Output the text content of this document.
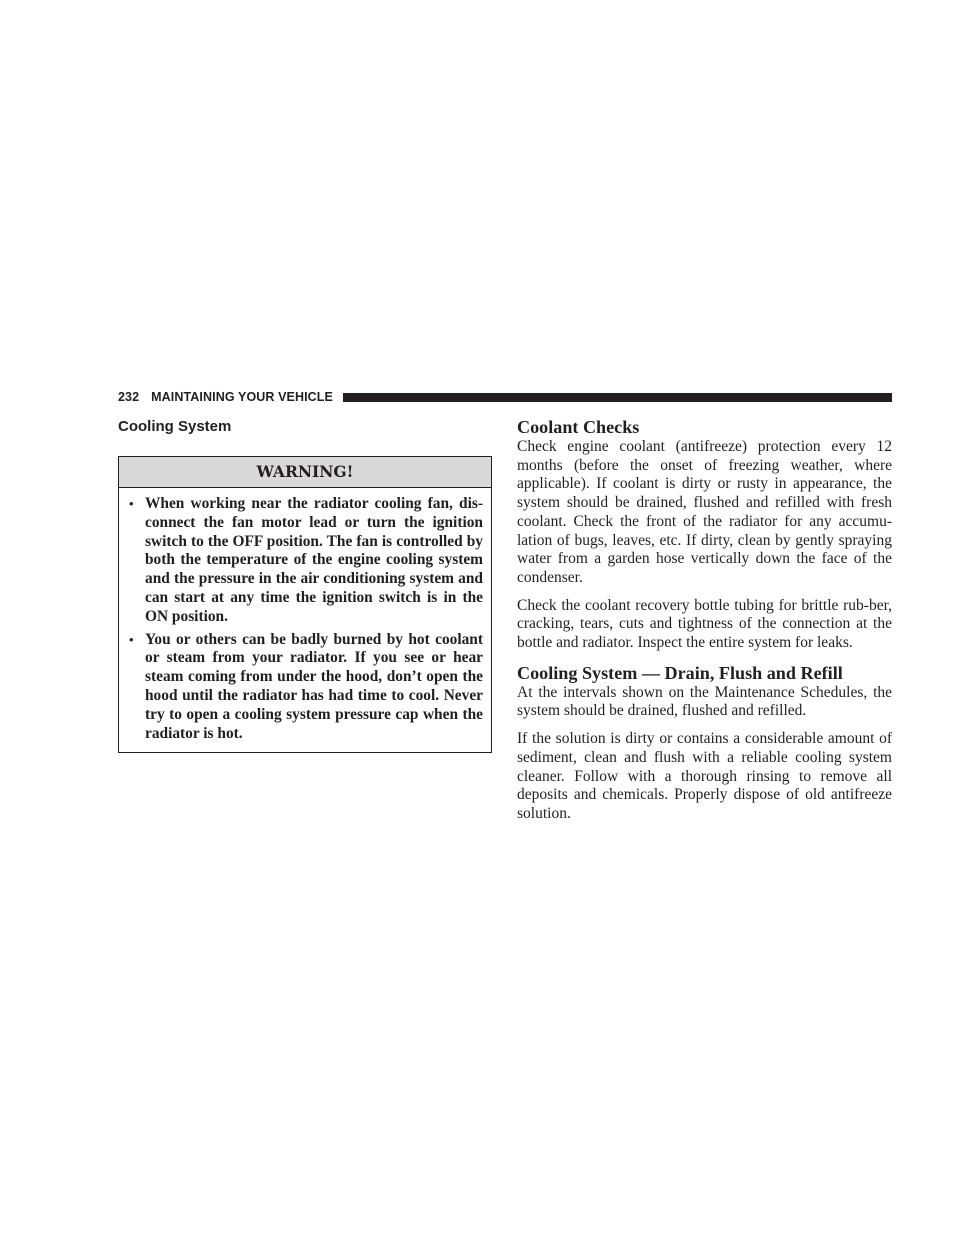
232 MAINTAINING YOUR VEHICLE
Cooling System
WARNING!
• When working near the radiator cooling fan, dis-connect the fan motor lead or turn the ignition switch to the OFF position. The fan is controlled by both the temperature of the engine cooling system and the pressure in the air conditioning system and can start at any time the ignition switch is in the ON position.
• You or others can be badly burned by hot coolant or steam from your radiator. If you see or hear steam coming from under the hood, don’t open the hood until the radiator has had time to cool. Never try to open a cooling system pressure cap when the radiator is hot.
Coolant Checks

Check engine coolant (antifreeze) protection every 12 months (before the onset of freezing weather, where applicable). If coolant is dirty or rusty in appearance, the system should be drained, flushed and refilled with fresh coolant. Check the front of the radiator for any accumu-lation of bugs, leaves, etc. If dirty, clean by gently spraying water from a garden hose vertically down the face of the condenser.

Check the coolant recovery bottle tubing for brittle rub-ber, cracking, tears, cuts and tightness of the connection at the bottle and radiator. Inspect the entire system for leaks.

Cooling System — Drain, Flush and Refill

At the intervals shown on the Maintenance Schedules, the system should be drained, flushed and refilled.

If the solution is dirty or contains a considerable amount of sediment, clean and flush with a reliable cooling system cleaner. Follow with a thorough rinsing to remove all deposits and chemicals. Properly dispose of old antifreeze solution.
